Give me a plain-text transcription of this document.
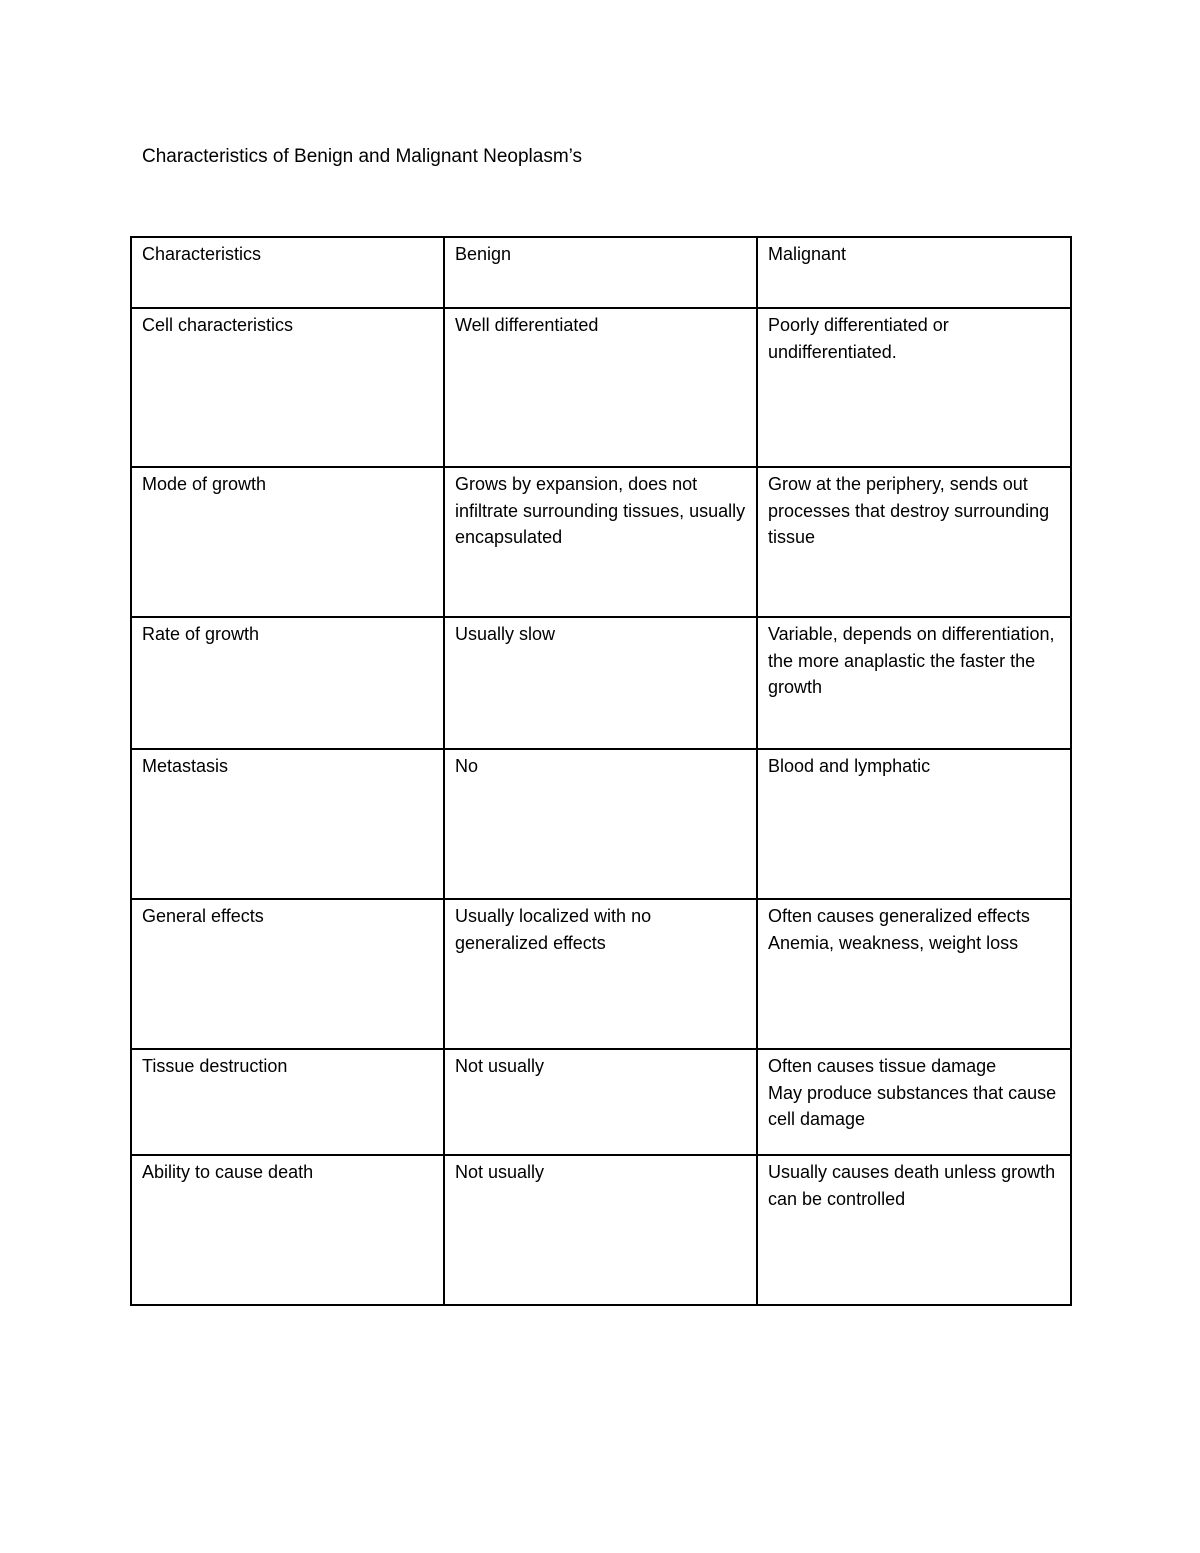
Characteristics of Benign and Malignant Neoplasm’s
Characteristics	Benign	Malignant

Cell characteristics	Well differentiated	Poorly differentiated or undifferentiated.

Mode of growth	Grows by expansion, does not infiltrate surrounding tissues, usually encapsulated	Grow at the periphery, sends out processes that destroy surrounding tissue

Rate of growth	Usually slow	Variable, depends on differentiation, the more anaplastic the faster the growth

Metastasis	No	Blood and lymphatic

General effects	Usually localized with no generalized effects	Often causes generalized effects
Anemia, weakness, weight loss

Tissue destruction	Not usually	Often causes tissue damage
May produce substances that cause cell damage

Ability to cause death	Not usually	Usually causes death unless growth can be controlled
